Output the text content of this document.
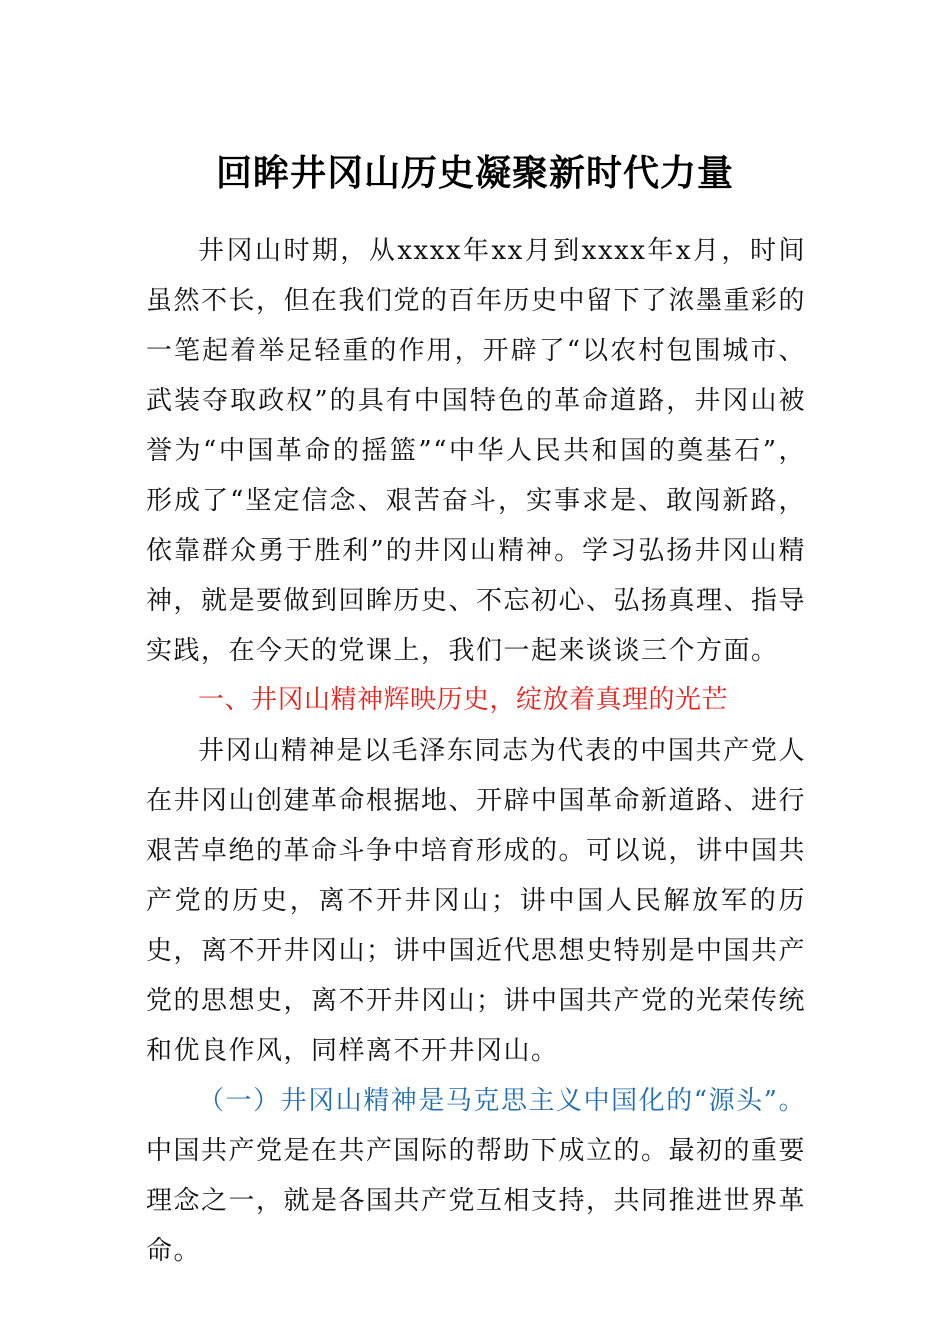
回眸井冈山历史凝聚新时代力量

井冈山时期，从xxxx年xx月到xxxx年x月，时间虽然不长，但在我们党的百年历史中留下了浓墨重彩的一笔起着举足轻重的作用，开辟了“以农村包围城市、武装夺取政权”的具有中国特色的革命道路，井冈山被誉为“中国革命的摇篮”“中华人民共和国的奠基石”，形成了“坚定信念、艰苦奋斗，实事求是、敢闯新路，依靠群众勇于胜利”的井冈山精神。学习弘扬井冈山精神，就是要做到回眸历史、不忘初心、弘扬真理、指导实践，在今天的党课上，我们一起来谈谈三个方面。

一、井冈山精神辉映历史，绽放着真理的光芒

井冈山精神是以毛泽东同志为代表的中国共产党人在井冈山创建革命根据地、开辟中国革命新道路、进行艰苦卓绝的革命斗争中培育形成的。可以说，讲中国共产党的历史，离不开井冈山；讲中国人民解放军的历史，离不开井冈山；讲中国近代思想史特别是中国共产党的思想史，离不开井冈山；讲中国共产党的光荣传统和优良作风，同样离不开井冈山。

（一）井冈山精神是马克思主义中国化的“源头”。中国共产党是在共产国际的帮助下成立的。最初的重要理念之一，就是各国共产党互相支持，共同推进世界革命。
